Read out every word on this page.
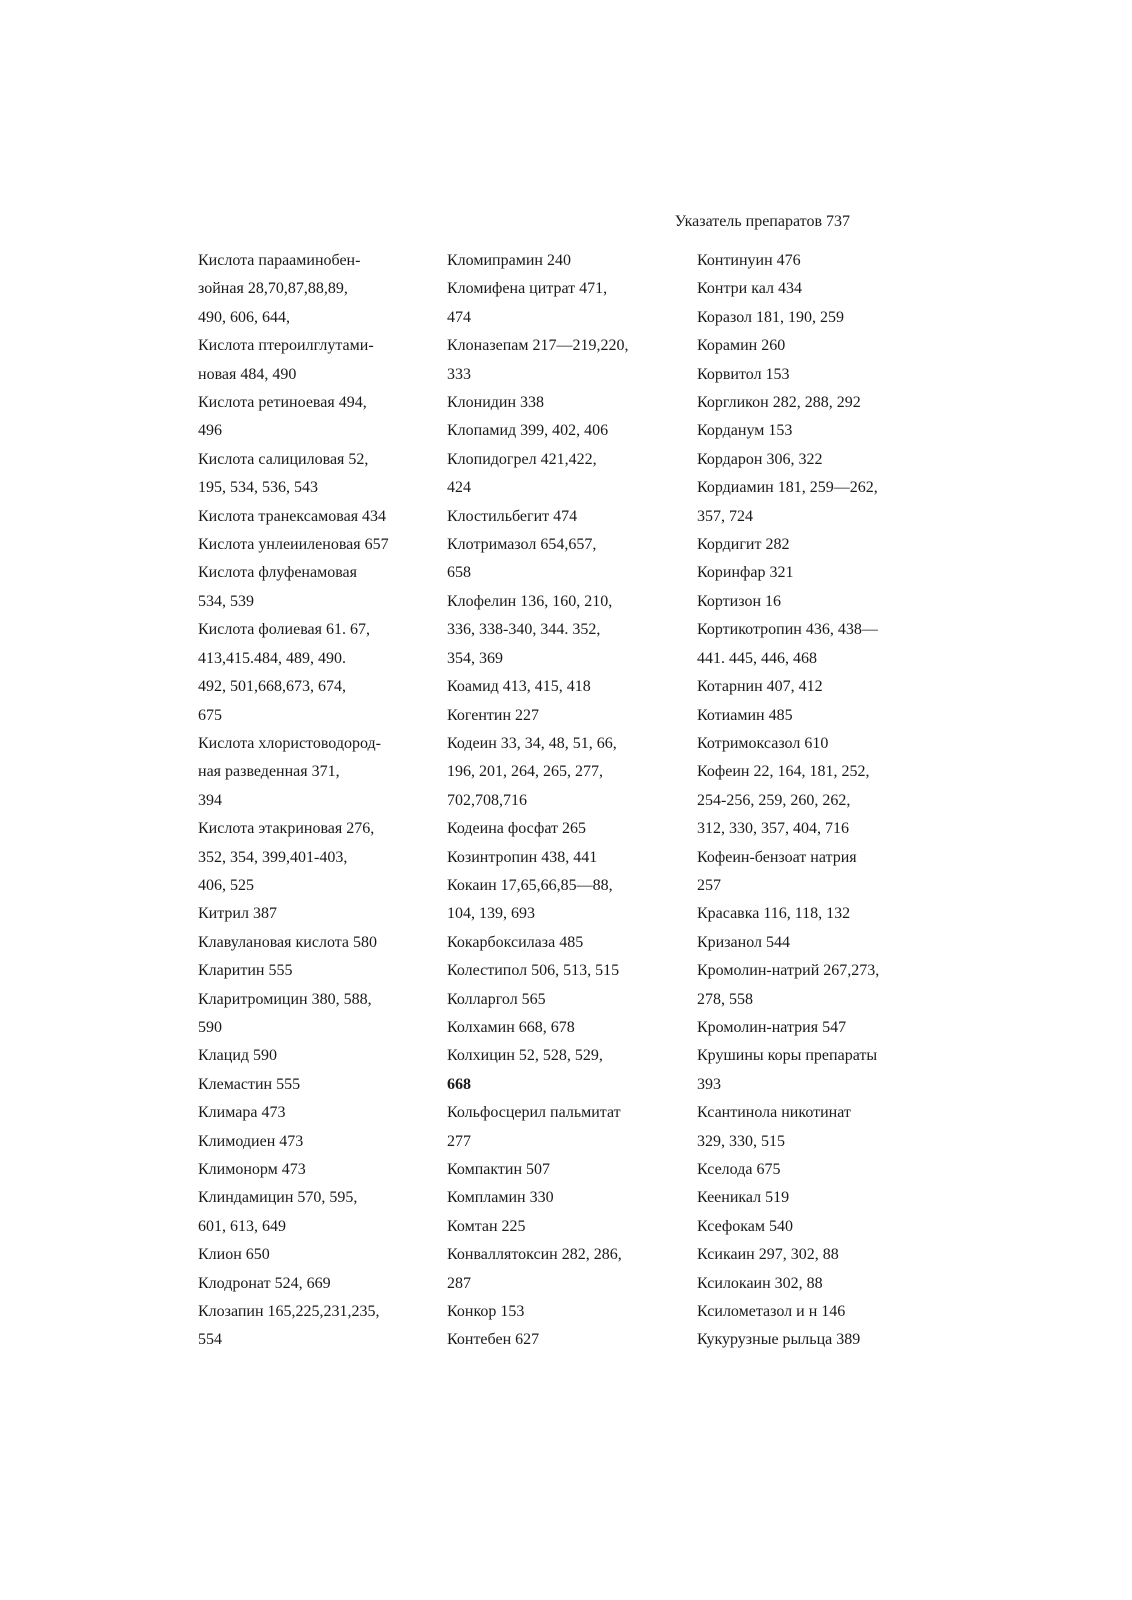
Указатель препаратов 737
Кислота парааминобен-
зойная 28,70,87,88,89,
490, 606, 644,
Кислота птероилглутами-
новая 484, 490
Кислота ретиноевая 494,
496
Кислота салициловая 52,
195, 534, 536, 543
Кислота транексамовая 434
Кислота унлеииленовая 657
Кислота флуфенамовая
534, 539
Кислота фолиевая 61. 67,
413,415.484, 489, 490.
492, 501,668,673, 674,
675
Кислота хлористоводород-
ная разведенная 371,
394
Кислота этакриновая 276,
352, 354, 399,401-403,
406, 525
Китрил 387
Клавулановая кислота 580
Кларитин 555
Кларитромицин 380, 588,
590
Клацид 590
Клемастин 555
Климара 473
Климодиен 473
Климонорм 473
Клиндамицин 570, 595,
601, 613, 649
Клион 650
Клодронат 524, 669
Клозапин 165,225,231,235,
554
Кломипрамин 240
Кломифена цитрат 471,
474
Клоназепам 217—219,220,
333
Клонидин 338
Клопамид 399, 402, 406
Клопидогрел 421,422,
424
Клостильбегит 474
Клотримазол 654,657,
658
Клофелин 136, 160, 210,
336, 338-340, 344. 352,
354, 369
Коамид 413, 415, 418
Когентин 227
Кодеин 33, 34, 48, 51, 66,
196, 201, 264, 265, 277,
702,708,716
Кодеина фосфат 265
Козинтропин 438, 441
Кокаин 17,65,66,85—88,
104, 139, 693
Кокарбоксилаза 485
Колестипол 506, 513, 515
Колларгол 565
Колхамин 668, 678
Колхицин 52, 528, 529,
668
Кольфосцерил пальмитат
277
Компактин 507
Компламин 330
Комтан 225
Конваллятоксин 282, 286,
287
Конкор 153
Контебен 627
Континуин 476
Контри кал 434
Коразол 181, 190, 259
Корамин 260
Корвитол 153
Коргликон 282, 288, 292
Корданум 153
Кордарон 306, 322
Кордиамин 181, 259—262,
357, 724
Кордигит 282
Коринфар 321
Кортизон 16
Кортикотропин 436, 438—
441. 445, 446, 468
Котарнин 407, 412
Котиамин 485
Котримоксазол 610
Кофеин 22, 164, 181, 252,
254-256, 259, 260, 262,
312, 330, 357, 404, 716
Кофеин-бензоат натрия
257
Красавка 116, 118, 132
Кризанол 544
Кромолин-натрий 267,273,
278, 558
Кромолин-натрия 547
Крушины коры препараты
393
Ксантинола никотинат
329, 330, 515
Кселода 675
Кееникал 519
Ксефокам 540
Ксикаин 297, 302, 88
Ксилокаин 302, 88
Ксилометазол и н 146
Кукурузные рыльца 389
